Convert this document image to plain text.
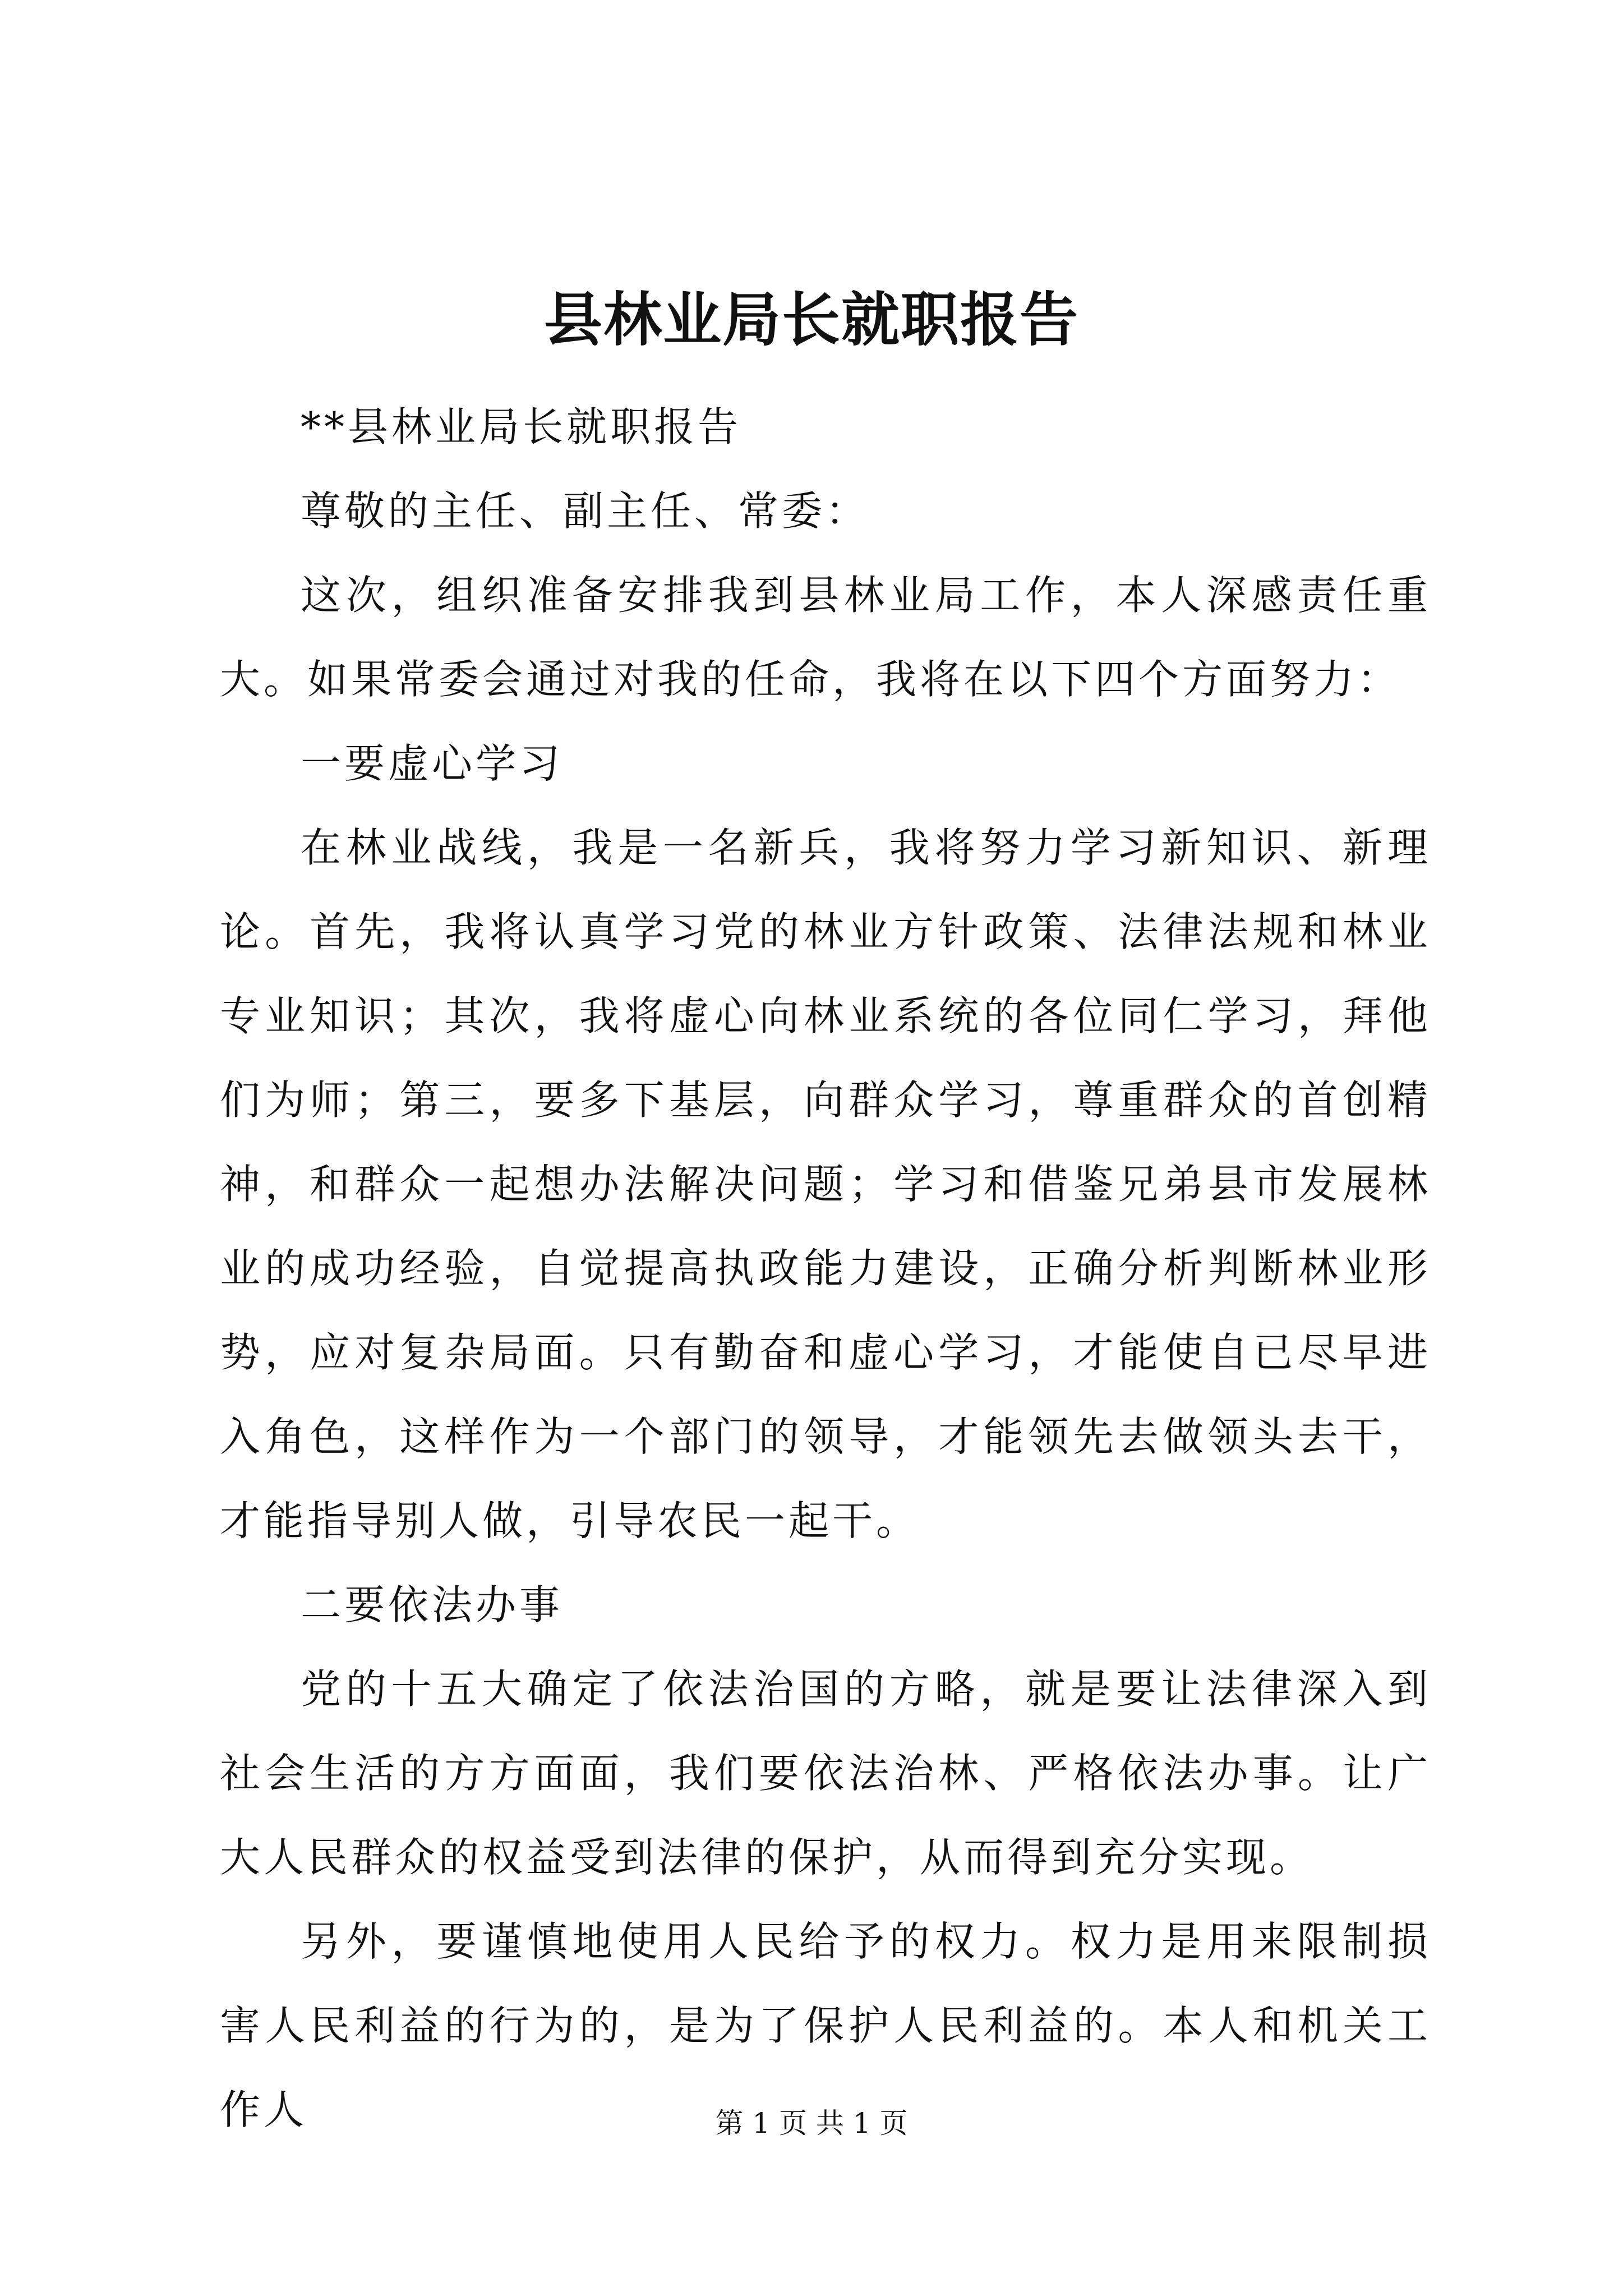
县林业局长就职报告

**县林业局长就职报告

尊敬的主任、副主任、常委：

这次，组织准备安排我到县林业局工作，本人深感责任重大。如果常委会通过对我的任命，我将在以下四个方面努力：

一要虚心学习

在林业战线，我是一名新兵，我将努力学习新知识、新理论。首先，我将认真学习党的林业方针政策、法律法规和林业专业知识；其次，我将虚心向林业系统的各位同仁学习，拜他们为师；第三，要多下基层，向群众学习，尊重群众的首创精神，和群众一起想办法解决问题；学习和借鉴兄弟县市发展林业的成功经验，自觉提高执政能力建设，正确分析判断林业形势，应对复杂局面。只有勤奋和虚心学习，才能使自已尽早进入角色，这样作为一个部门的领导，才能领先去做领头去干，才能指导别人做，引导农民一起干。

二要依法办事

党的十五大确定了依法治国的方略，就是要让法律深入到社会生活的方方面面，我们要依法治林、严格依法办事。让广大人民群众的权益受到法律的保护，从而得到充分实现。

另外，要谨慎地使用人民给予的权力。权力是用来限制损害人民利益的行为的，是为了保护人民利益的。本人和机关工作人	第 1 页 共 1 页
